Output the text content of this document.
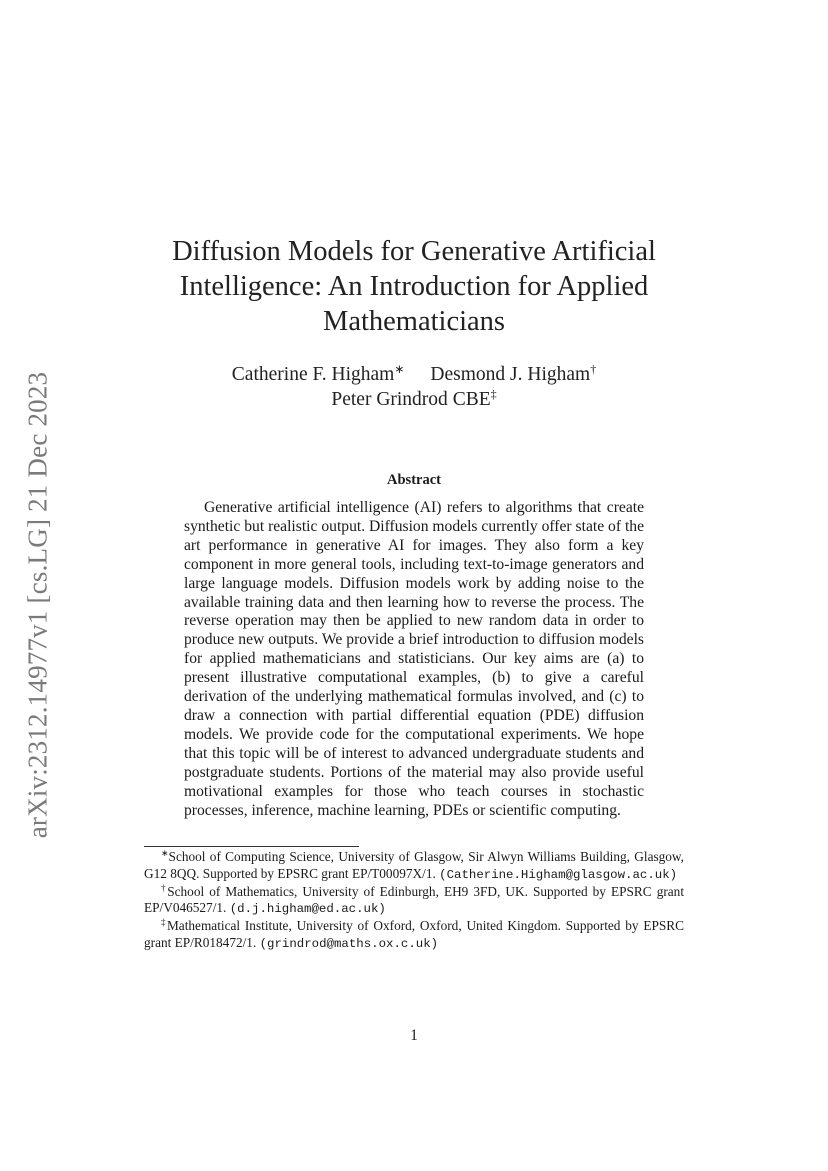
arXiv:2312.14977v1 [cs.LG] 21 Dec 2023
Diffusion Models for Generative Artificial Intelligence: An Introduction for Applied Mathematicians
Catherine F. Higham∗ Desmond J. Higham†
Peter Grindrod CBE‡
Abstract

Generative artificial intelligence (AI) refers to algorithms that create synthetic but realistic output. Diffusion models currently offer state of the art performance in generative AI for images. They also form a key component in more general tools, including text-to-image generators and large language models. Diffusion models work by adding noise to the available training data and then learning how to reverse the process. The reverse operation may then be applied to new random data in order to produce new outputs. We provide a brief introduction to diffusion models for applied mathematicians and statisticians. Our key aims are (a) to present illustrative computational examples, (b) to give a careful derivation of the underlying mathematical formulas involved, and (c) to draw a connection with partial differential equation (PDE) diffusion models. We provide code for the computational experiments. We hope that this topic will be of interest to advanced undergraduate students and postgraduate students. Portions of the material may also provide useful motivational examples for those who teach courses in stochastic processes, inference, machine learning, PDEs or scientific computing.

∗School of Computing Science, University of Glasgow, Sir Alwyn Williams Building, Glasgow, G12 8QQ. Supported by EPSRC grant EP/T00097X/1. (Catherine.Higham@glasgow.ac.uk)

†School of Mathematics, University of Edinburgh, EH9 3FD, UK. Supported by EPSRC grant EP/V046527/1. (d.j.higham@ed.ac.uk)

‡Mathematical Institute, University of Oxford, Oxford, United Kingdom. Supported by EPSRC grant EP/R018472/1. (grindrod@maths.ox.c.uk)

1
